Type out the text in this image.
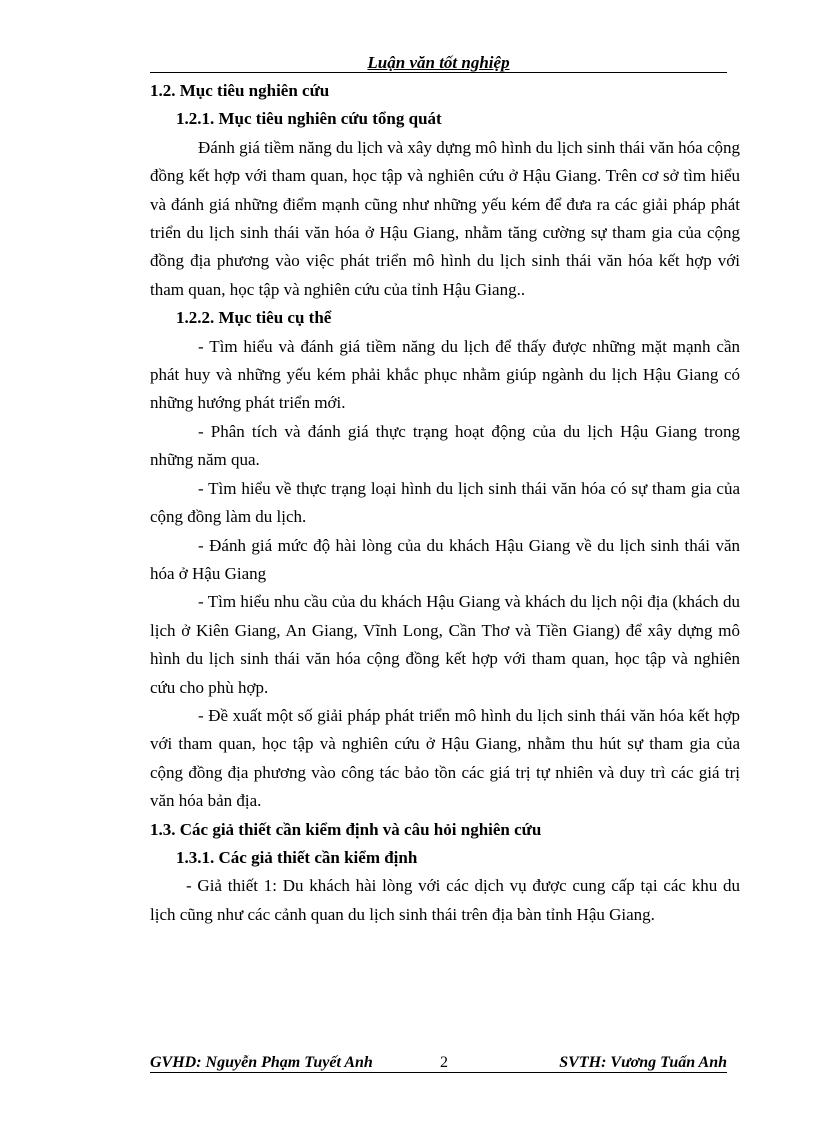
Luận văn tốt nghiệp

1.2. Mục tiêu nghiên cứu

1.2.1. Mục tiêu nghiên cứu tổng quát

Đánh giá tiềm năng du lịch và xây dựng mô hình du lịch sinh thái văn hóa cộng đồng kết hợp với tham quan, học tập và nghiên cứu ở Hậu Giang. Trên cơ sở tìm hiểu và đánh giá những điểm mạnh cũng như những yếu kém để đưa ra các giải pháp phát triển du lịch sinh thái văn hóa ở Hậu Giang, nhằm tăng cường sự tham gia của cộng đồng địa phương vào việc phát triển mô hình du lịch sinh thái văn hóa kết hợp với tham quan, học tập và nghiên cứu của tỉnh Hậu Giang..

1.2.2. Mục tiêu cụ thể

- Tìm hiểu và đánh giá tiềm năng du lịch để thấy được những mặt mạnh cần phát huy và những yếu kém phải khắc phục nhằm giúp ngành du lịch Hậu Giang có những hướng phát triển mới.

- Phân tích và đánh giá thực trạng hoạt động của du lịch Hậu Giang trong những năm qua.

- Tìm hiểu về thực trạng loại hình du lịch sinh thái văn hóa có sự tham gia của cộng đồng làm du lịch.

- Đánh giá mức độ hài lòng của du khách Hậu Giang về du lịch sinh thái văn hóa ở Hậu Giang

- Tìm hiểu nhu cầu của du khách Hậu Giang và khách du lịch nội địa (khách du lịch ở Kiên Giang, An Giang, Vĩnh Long, Cần Thơ và Tiền Giang) để xây dựng mô hình du lịch sinh thái văn hóa cộng đồng kết hợp với tham quan, học tập và nghiên cứu cho phù hợp.

- Đề xuất một số giải pháp phát triển mô hình du lịch sinh thái văn hóa kết hợp với tham quan, học tập và nghiên cứu ở Hậu Giang, nhằm thu hút sự tham gia của cộng đồng địa phương vào công tác bảo tồn các giá trị tự nhiên và duy trì các giá trị văn hóa bản địa.

1.3. Các giả thiết cần kiểm định và câu hỏi nghiên cứu

1.3.1. Các giả thiết cần kiểm định

- Giả thiết 1: Du khách hài lòng với các dịch vụ được cung cấp tại các khu du lịch cũng như các cảnh quan du lịch sinh thái trên địa bàn tỉnh Hậu Giang.

GVHD: Nguyễn Phạm Tuyết Anh	2	SVTH: Vương Tuấn Anh
